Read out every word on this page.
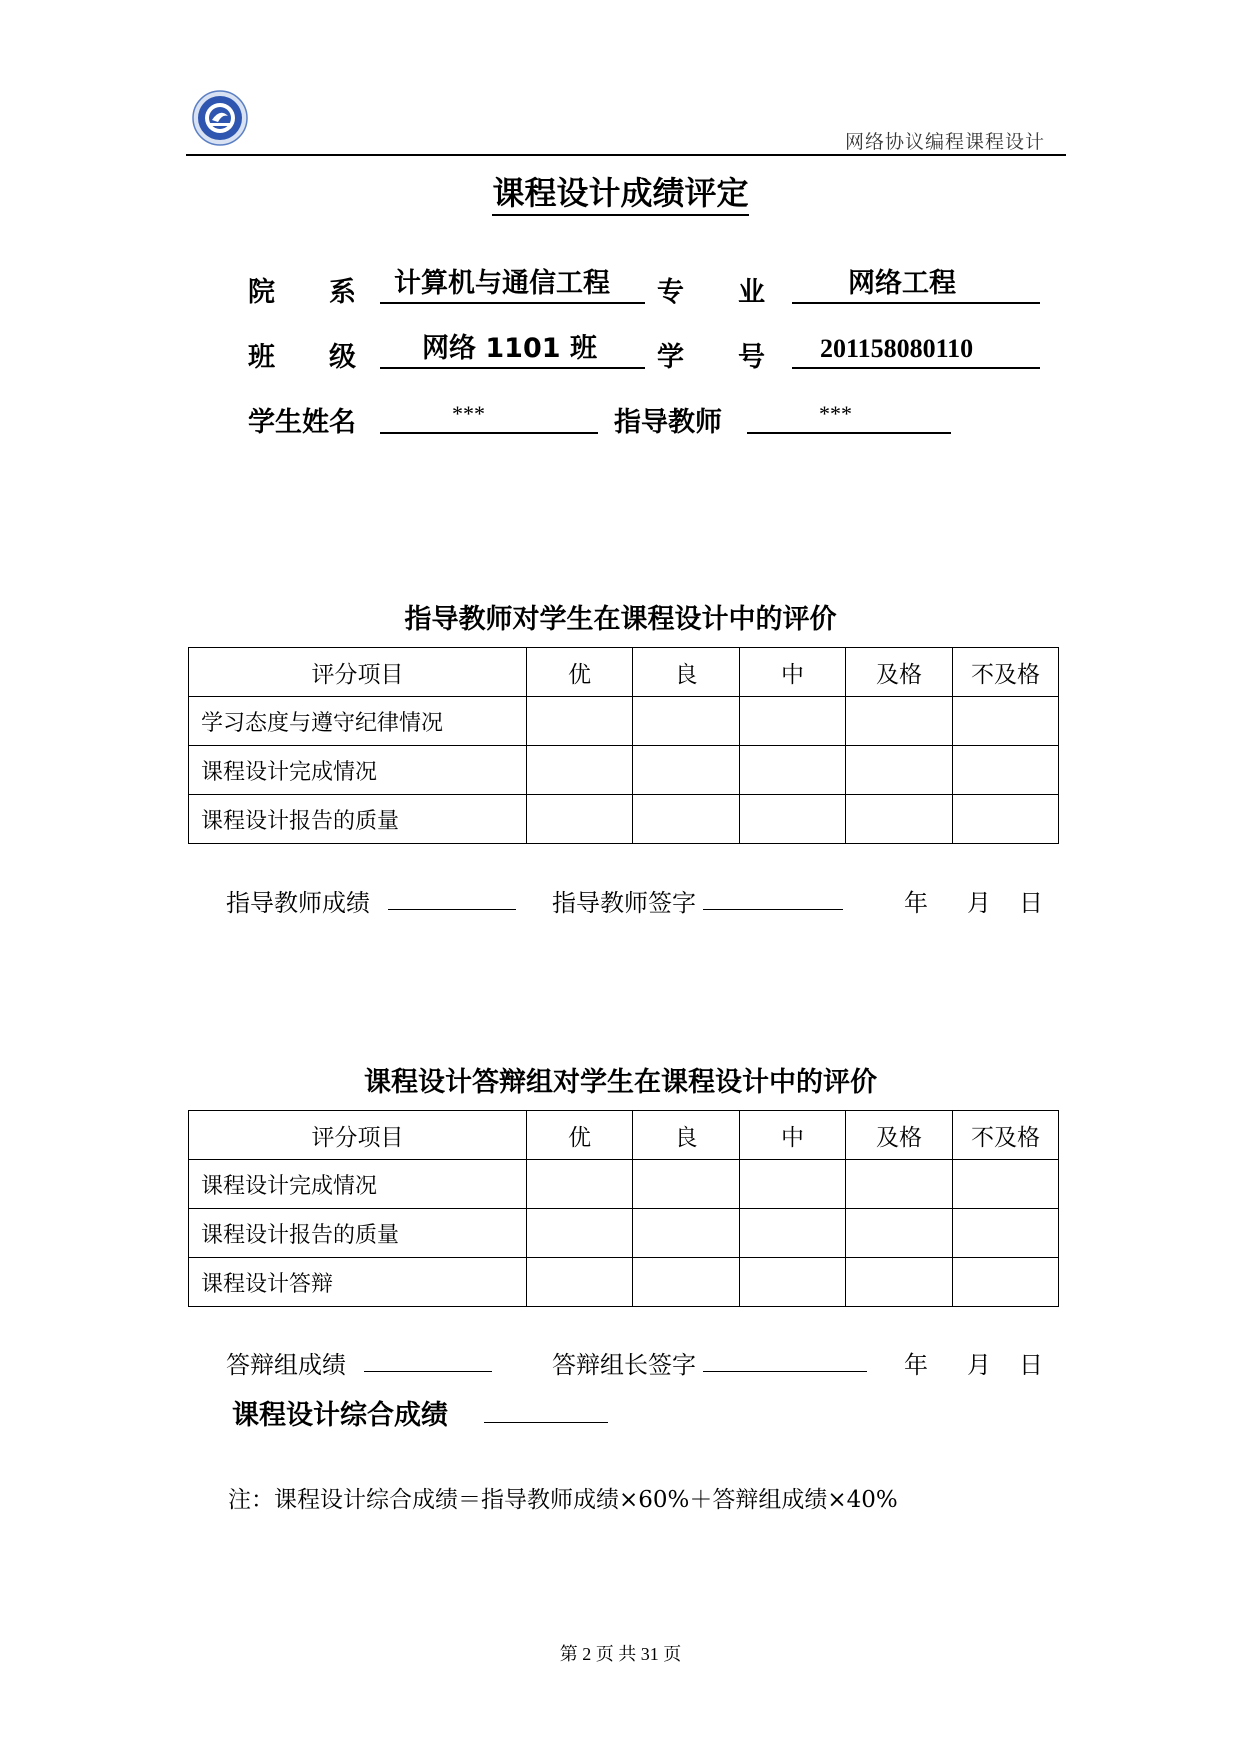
网络协议编程课程设计
课程设计成绩评定
院　　系 计算机与通信工程 专　　业	网络工程
班　　级 网络 1101 班 学　　号 201158080110
学生姓名	***	指导教师	***
指导教师对学生在课程设计中的评价
评分项目	优	良	中	及格	不及格
学习态度与遵守纪律情况					
课程设计完成情况					
课程设计报告的质量					
指导教师成绩	指导教师签字	年 月 日
课程设计答辩组对学生在课程设计中的评价
评分项目	优	良	中	及格	不及格
课程设计完成情况					
课程设计报告的质量					
课程设计答辩					
答辩组成绩	答辩组长签字	年 月 日
课程设计综合成绩
注：课程设计综合成绩＝指导教师成绩×60%＋答辩组成绩×40%
第 2 页 共 31 页
